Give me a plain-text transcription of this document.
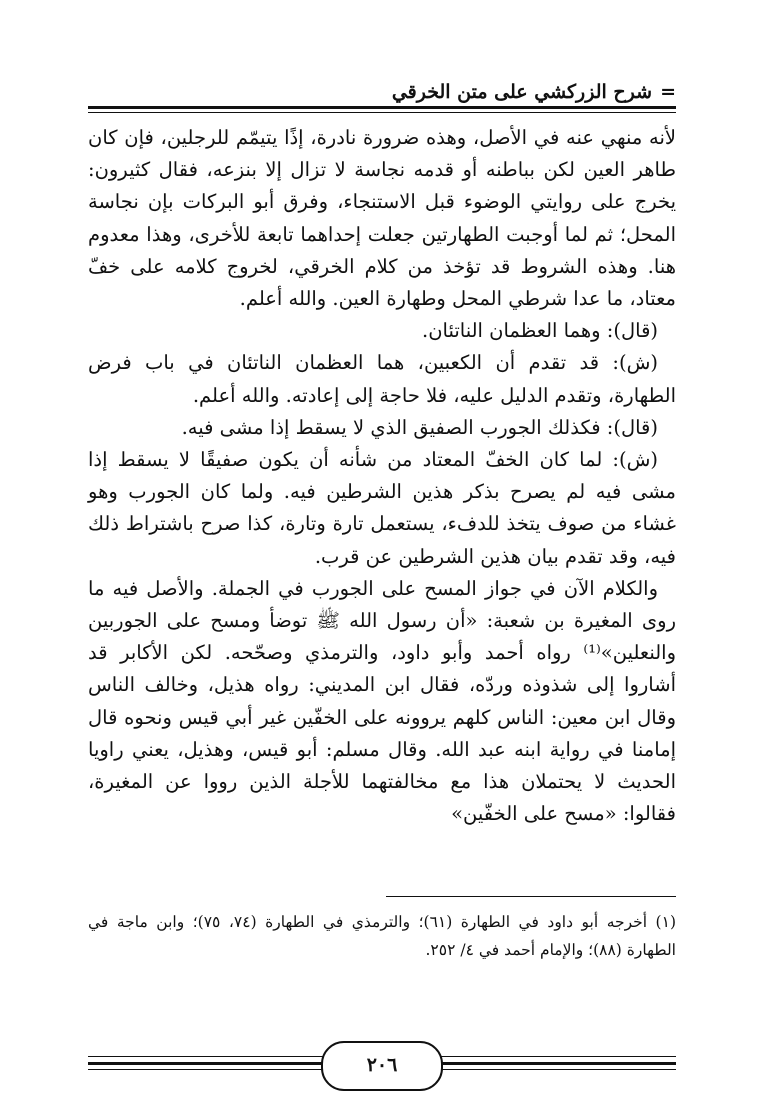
=شرح الزركشي على متن الخرقي

لأنه منهي عنه في الأصل، وهذه ضرورة نادرة، إذًا يتيمّم للرجلين، فإن كان طاهر العين لكن بباطنه أو قدمه نجاسة لا تزال إلا بنزعه، فقال كثيرون: يخرج على روايتي الوضوء قبل الاستنجاء، وفرق أبو البركات بإن نجاسة المحل؛ ثم لما أوجبت الطهارتين جعلت إحداهما تابعة للأخرى، وهذا معدوم هنا. وهذه الشروط قد تؤخذ من كلام الخرقي، لخروج كلامه على خفّ معتاد، ما عدا شرطي المحل وطهارة العين. والله أعلم.

(قال): وهما العظمان الناتئان.

(ش): قد تقدم أن الكعبين، هما العظمان الناتئان في باب فرض الطهارة، وتقدم الدليل عليه، فلا حاجة إلى إعادته. والله أعلم.

(قال): فكذلك الجورب الصفيق الذي لا يسقط إذا مشى فيه.

(ش): لما كان الخفّ المعتاد من شأنه أن يكون صفيقًا لا يسقط إذا مشى فيه لم يصرح بذكر هذين الشرطين فيه. ولما كان الجورب وهو غشاء من صوف يتخذ للدفء، يستعمل تارة وتارة، كذا صرح باشتراط ذلك فيه، وقد تقدم بيان هذين الشرطين عن قرب.

والكلام الآن في جواز المسح على الجورب في الجملة. والأصل فيه ما روى المغيرة بن شعبة: «أن رسول الله ﷺ توضأ ومسح على الجوربين والنعلين»⁽¹⁾ رواه أحمد وأبو داود، والترمذي وصحّحه. لكن الأكابر قد أشاروا إلى شذوذه وردّه، فقال ابن المديني: رواه هذيل، وخالف الناس وقال ابن معين: الناس كلهم يروونه على الخفّين غير أبي قيس ونحوه قال إمامنا في رواية ابنه عبد الله. وقال مسلم: أبو قيس، وهذيل، يعني راويا الحديث لا يحتملان هذا مع مخالفتهما للأجلة الذين رووا عن المغيرة، فقالوا: «مسح على الخفّين»

(١) أخرجه أبو داود في الطهارة (٦١)؛ والترمذي في الطهارة (٧٤، ٧٥)؛ وابن ماجة في الطهارة (٨٨)؛ والإمام أحمد في ٤/ ٢٥٢.
٢٠٦
